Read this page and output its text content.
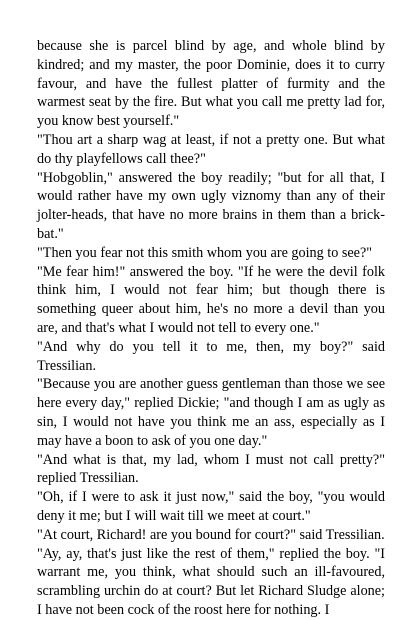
because she is parcel blind by age, and whole blind by kindred; and my master, the poor Dominie, does it to curry favour, and have the fullest platter of furmity and the warmest seat by the fire. But what you call me pretty lad for, you know best yourself."

"Thou art a sharp wag at least, if not a pretty one. But what do thy playfellows call thee?"

"Hobgoblin," answered the boy readily; "but for all that, I would rather have my own ugly viznomy than any of their jolter-heads, that have no more brains in them than a brick-bat."

"Then you fear not this smith whom you are going to see?"

"Me fear him!" answered the boy. "If he were the devil folk think him, I would not fear him; but though there is something queer about him, he's no more a devil than you are, and that's what I would not tell to every one."

"And why do you tell it to me, then, my boy?" said Tressilian.

"Because you are another guess gentleman than those we see here every day," replied Dickie; "and though I am as ugly as sin, I would not have you think me an ass, especially as I may have a boon to ask of you one day."

"And what is that, my lad, whom I must not call pretty?" replied Tressilian.

"Oh, if I were to ask it just now," said the boy, "you would deny it me; but I will wait till we meet at court."

"At court, Richard! are you bound for court?" said Tressilian.

"Ay, ay, that's just like the rest of them," replied the boy. "I warrant me, you think, what should such an ill-favoured, scrambling urchin do at court? But let Richard Sludge alone; I have not been cock of the roost here for nothing. I
